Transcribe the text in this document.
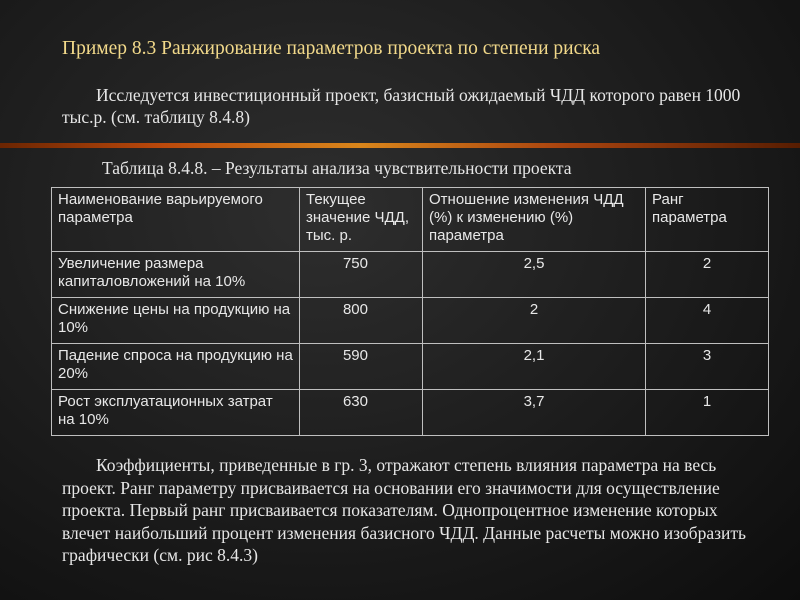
Пример 8.3 Ранжирование параметров проекта по степени риска
Исследуется инвестиционный проект, базисный ожидаемый ЧДД которого равен 1000 тыс.р. (см. таблицу 8.4.8)
Таблица 8.4.8. – Результаты анализа чувствительности проекта
Наименование варьируемого параметра	Текущее значение ЧДД, тыс. р.	Отношение изменения ЧДД (%) к изменению (%) параметра	Ранг параметра
Увеличение размера капиталовложений на 10%	750	2,5	2
Снижение цены на продукцию на 10%	800	2	4
Падение спроса на продукцию на 20%	590	2,1	3
Рост эксплуатационных затрат на 10%	630	3,7	1
Коэффициенты, приведенные в гр. 3, отражают степень влияния параметра на весь проект. Ранг параметру присваивается на основании его значимости для осуществление проекта. Первый ранг присваивается показателям. Однопроцентное изменение которых влечет наибольший процент изменения базисного ЧДД. Данные расчеты можно изобразить графически (см. рис 8.4.3)
